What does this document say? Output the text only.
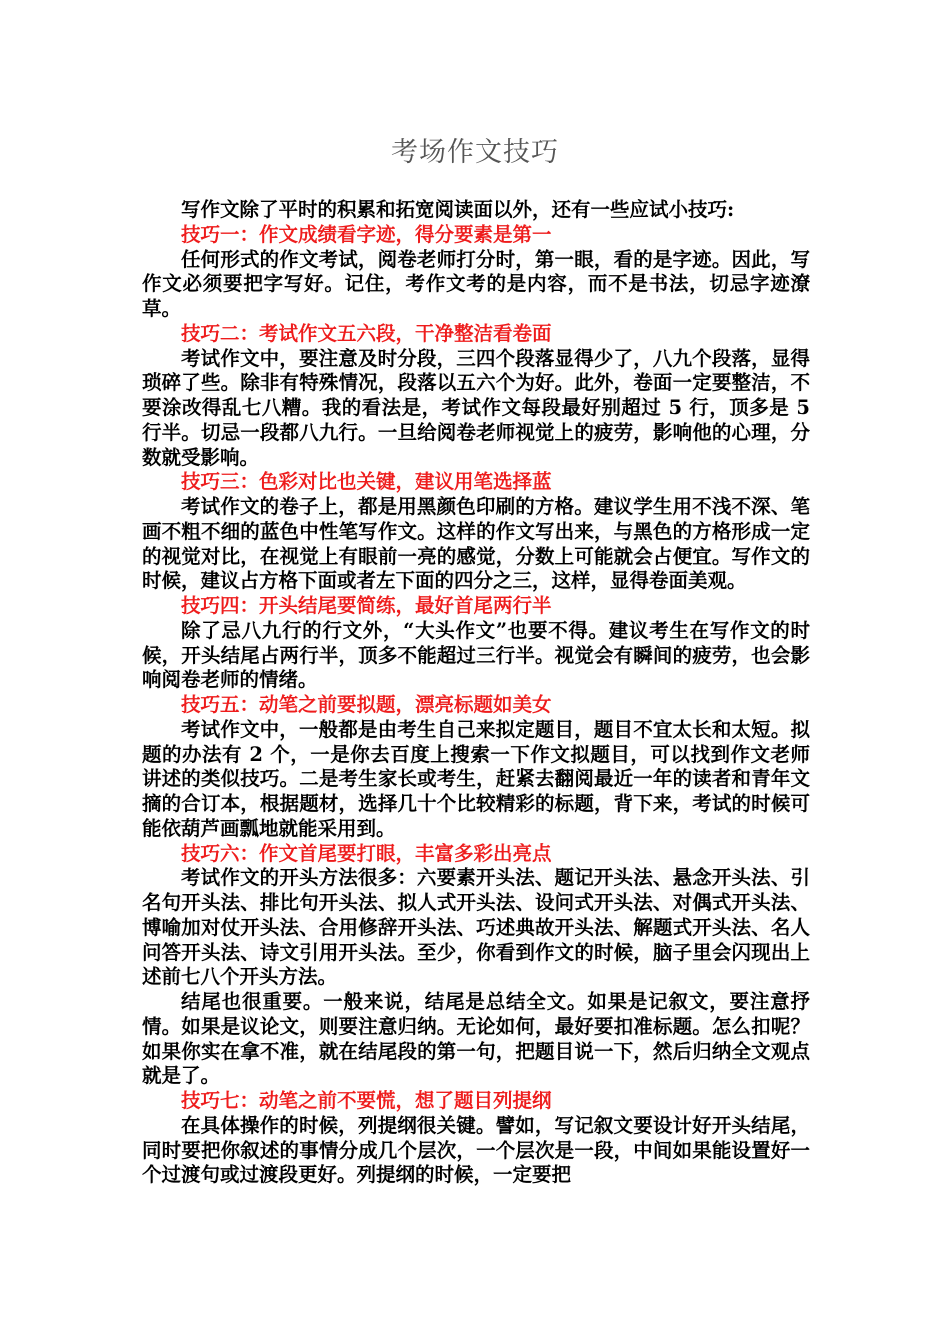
考场作文技巧

写作文除了平时的积累和拓宽阅读面以外，还有一些应试小技巧:

技巧一：作文成绩看字迹，得分要素是第一

任何形式的作文考试，阅卷老师打分时，第一眼，看的是字迹。因此，写作文必须要把字写好。记住，考作文考的是内容，而不是书法，切忌字迹潦草。

技巧二：考试作文五六段，干净整洁看卷面

考试作文中，要注意及时分段，三四个段落显得少了，八九个段落，显得琐碎了些。除非有特殊情况，段落以五六个为好。此外，卷面一定要整洁，不要涂改得乱七八糟。我的看法是，考试作文每段最好别超过 5 行，顶多是 5 行半。切忌一段都八九行。一旦给阅卷老师视觉上的疲劳，影响他的心理，分数就受影响。

技巧三：色彩对比也关键，建议用笔选择蓝

考试作文的卷子上，都是用黑颜色印刷的方格。建议学生用不浅不深、笔画不粗不细的蓝色中性笔写作文。这样的作文写出来，与黑色的方格形成一定的视觉对比，在视觉上有眼前一亮的感觉，分数上可能就会占便宜。写作文的时候，建议占方格下面或者左下面的四分之三，这样，显得卷面美观。

技巧四：开头结尾要简练，最好首尾两行半

除了忌八九行的行文外，“大头作文”也要不得。建议考生在写作文的时候，开头结尾占两行半，顶多不能超过三行半。视觉会有瞬间的疲劳，也会影响阅卷老师的情绪。

技巧五：动笔之前要拟题，漂亮标题如美女

考试作文中，一般都是由考生自己来拟定题目，题目不宜太长和太短。拟题的办法有 2 个，一是你去百度上搜索一下作文拟题目，可以找到作文老师讲述的类似技巧。二是考生家长或考生，赶紧去翻阅最近一年的读者和青年文摘的合订本，根据题材，选择几十个比较精彩的标题，背下来，考试的时候可能依葫芦画瓢地就能采用到。

技巧六：作文首尾要打眼，丰富多彩出亮点

考试作文的开头方法很多：六要素开头法、题记开头法、悬念开头法、引名句开头法、排比句开头法、拟人式开头法、设问式开头法、对偶式开头法、博喻加对仗开头法、合用修辞开头法、巧述典故开头法、解题式开头法、名人问答开头法、诗文引用开头法。至少，你看到作文的时候，脑子里会闪现出上述前七八个开头方法。

结尾也很重要。一般来说，结尾是总结全文。如果是记叙文，要注意抒情。如果是议论文，则要注意归纳。无论如何，最好要扣准标题。怎么扣呢？如果你实在拿不准，就在结尾段的第一句，把题目说一下，然后归纳全文观点就是了。

技巧七：动笔之前不要慌，想了题目列提纲

在具体操作的时候，列提纲很关键。譬如，写记叙文要设计好开头结尾，同时要把你叙述的事情分成几个层次，一个层次是一段，中间如果能设置好一个过渡句或过渡段更好。列提纲的时候，一定要把
